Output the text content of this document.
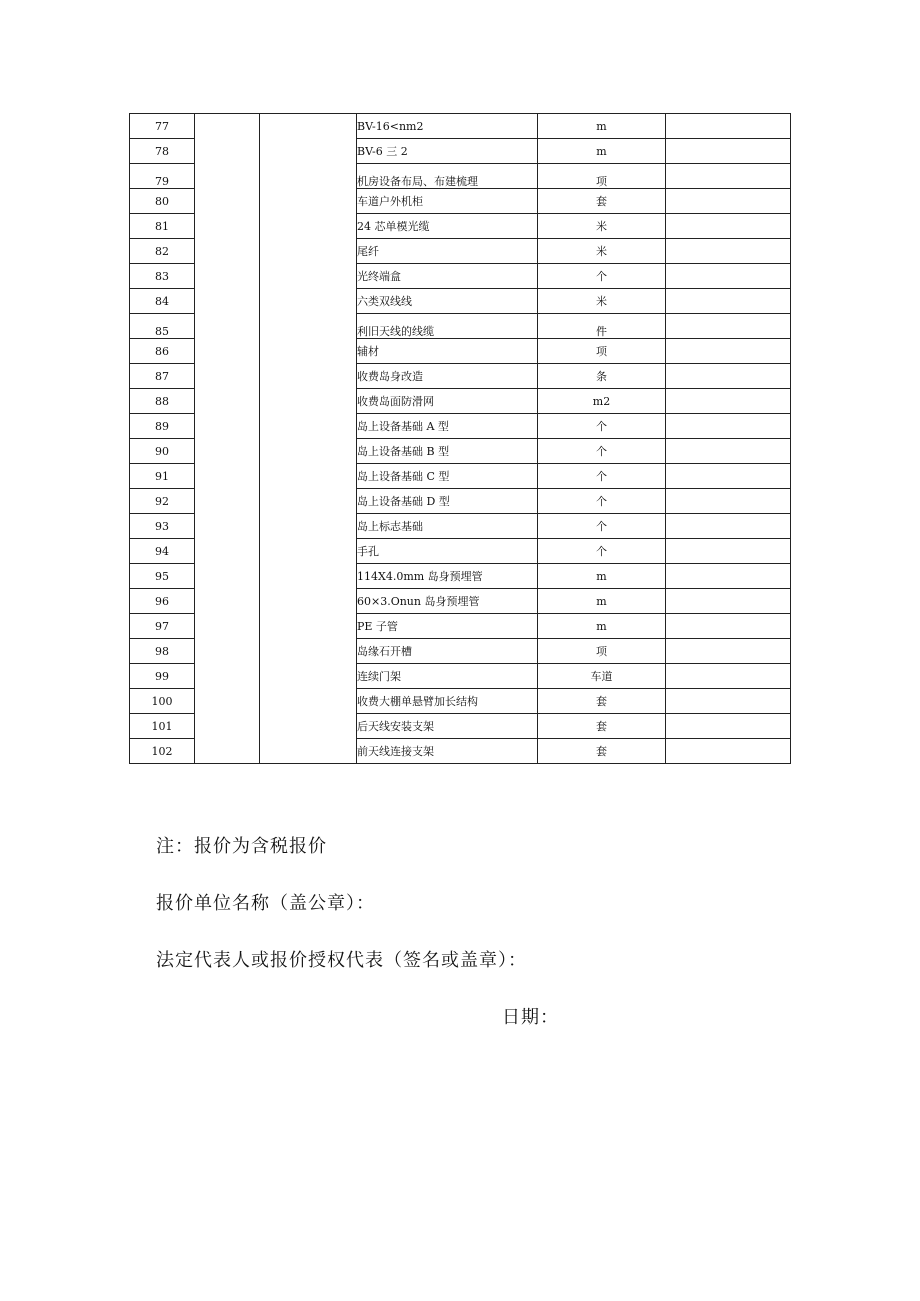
77			BV-16<nm2	m	
78			BV-6 三 2	m	
79			机房设备布局、布建梳理	项	
80			车道户外机柜	套	
81			24 芯单模光缆	米	
82			尾纤	米	
83			光终端盒	个	
84			六类双线线	米	
85			利旧天线的线缆	件	
86			辅材	项	
87			收费岛身改造	条	
88			收费岛面防滑网	m2	
89			岛上设备基础 A 型	个	
90			岛上设备基础 B 型	个	
91			岛上设备基础 C 型	个	
92			岛上设备基础 D 型	个	
93			岛上标志基础	个	
94			手孔	个	
95			114X4.0mm 岛身预埋管	m	
96			60×3.Onun 岛身预埋管	m	
97			PE 子管	m	
98			岛缘石开槽	项	
99			连续门架	车道	
100			收费大棚单悬臂加长结构	套	
101			后天线安装支架	套	
102			前天线连接支架	套	
注：报价为含税报价
报价单位名称（盖公章）：
法定代表人或报价授权代表（签名或盖章）：
日期：
